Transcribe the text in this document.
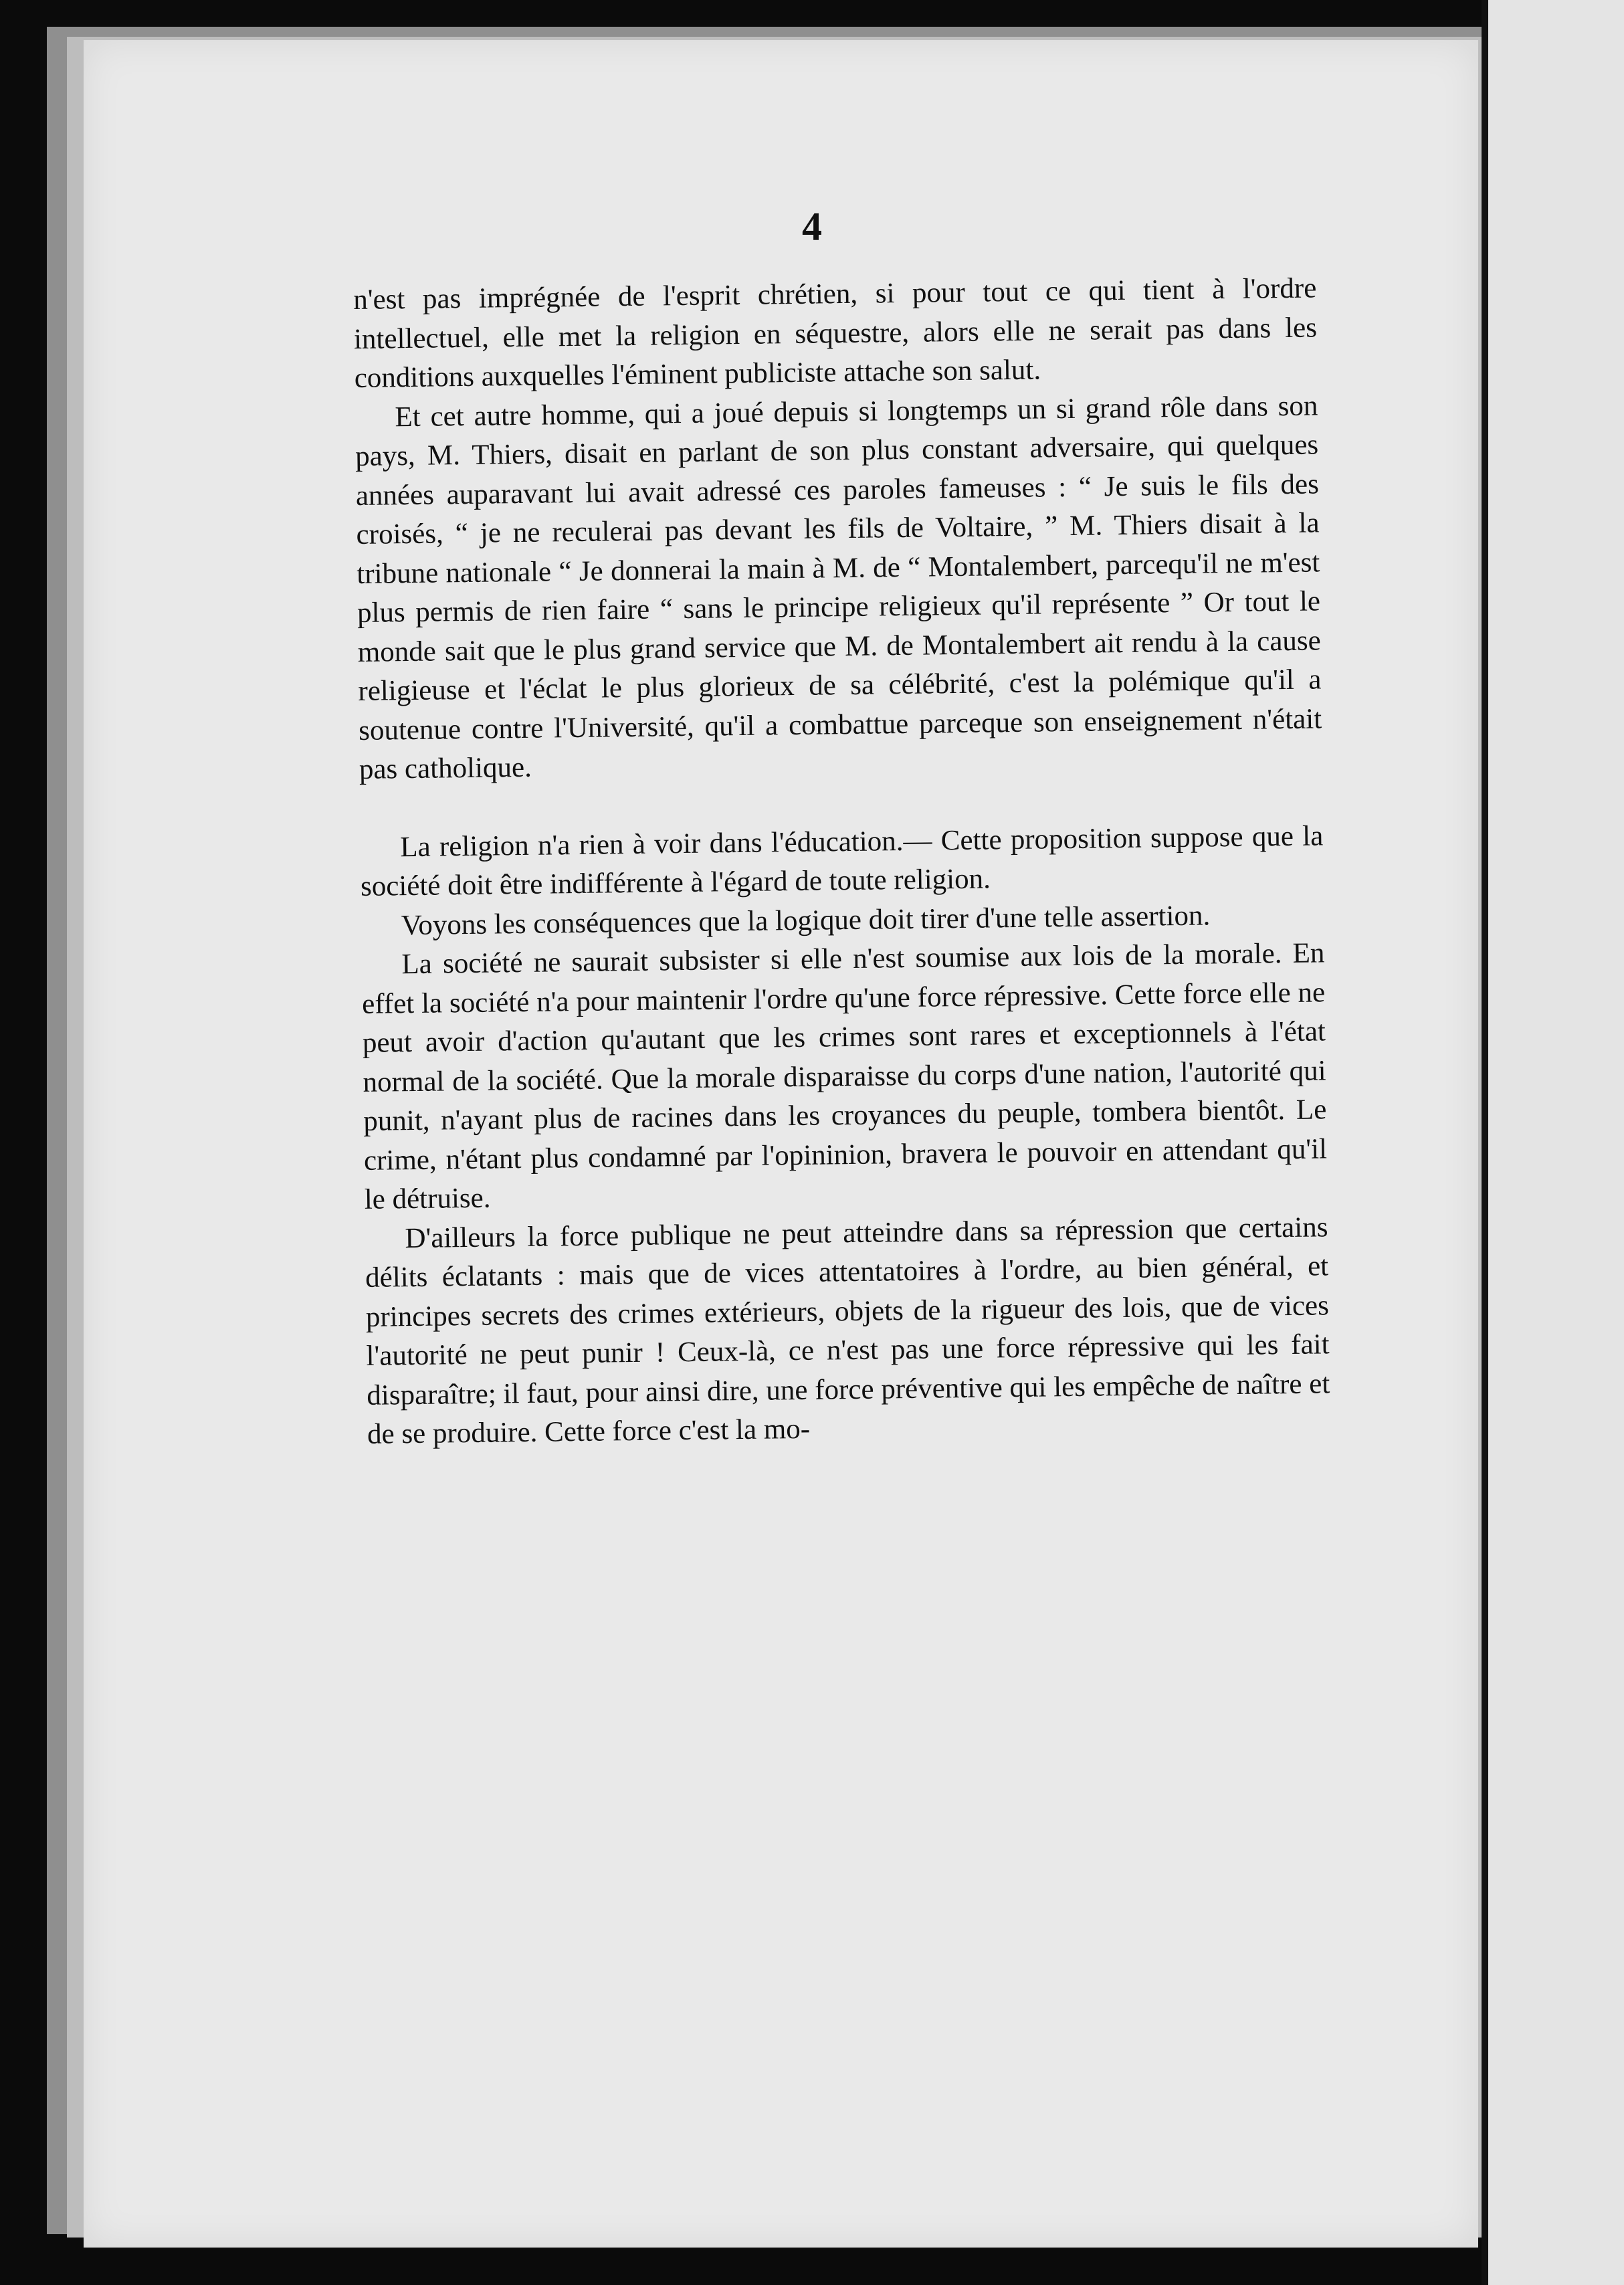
4

n'est pas imprégnée de l'esprit chrétien, si pour tout ce qui tient à l'ordre intellectuel, elle met la religion en séquestre, alors elle ne serait pas dans les conditions auxquelles l'éminent publiciste attache son salut.

Et cet autre homme, qui a joué depuis si longtemps un si grand rôle dans son pays, M. Thiers, disait en parlant de son plus constant adversaire, qui quelques années auparavant lui avait adressé ces paroles fameuses : “ Je suis le fils des croisés, “ je ne reculerai pas devant les fils de Voltaire, ” M. Thiers disait à la tribune nationale “ Je donnerai la main à M. de “ Montalembert, parcequ'il ne m'est plus permis de rien faire “ sans le principe religieux qu'il représente ” Or tout le monde sait que le plus grand service que M. de Montalembert ait rendu à la cause religieuse et l'éclat le plus glorieux de sa célébrité, c'est la polémique qu'il a soutenue contre l'Université, qu'il a combattue parceque son enseignement n'était pas catholique.

La religion n'a rien à voir dans l'éducation.— Cette proposition suppose que la société doit être indifférente à l'égard de toute religion.

Voyons les conséquences que la logique doit tirer d'une telle assertion.

La société ne saurait subsister si elle n'est soumise aux lois de la morale. En effet la société n'a pour maintenir l'ordre qu'une force répressive. Cette force elle ne peut avoir d'action qu'autant que les crimes sont rares et exceptionnels à l'état normal de la société. Que la morale disparaisse du corps d'une nation, l'autorité qui punit, n'ayant plus de racines dans les croyances du peuple, tombera bientôt. Le crime, n'étant plus condamné par l'opininion, bravera le pouvoir en attendant qu'il le détruise.

D'ailleurs la force publique ne peut atteindre dans sa répression que certains délits éclatants : mais que de vices attentatoires à l'ordre, au bien général, et principes secrets des crimes extérieurs, objets de la rigueur des lois, que de vices l'autorité ne peut punir ! Ceux-là, ce n'est pas une force répressive qui les fait disparaître; il faut, pour ainsi dire, une force préventive qui les empêche de naître et de se produire. Cette force c'est la mo-
